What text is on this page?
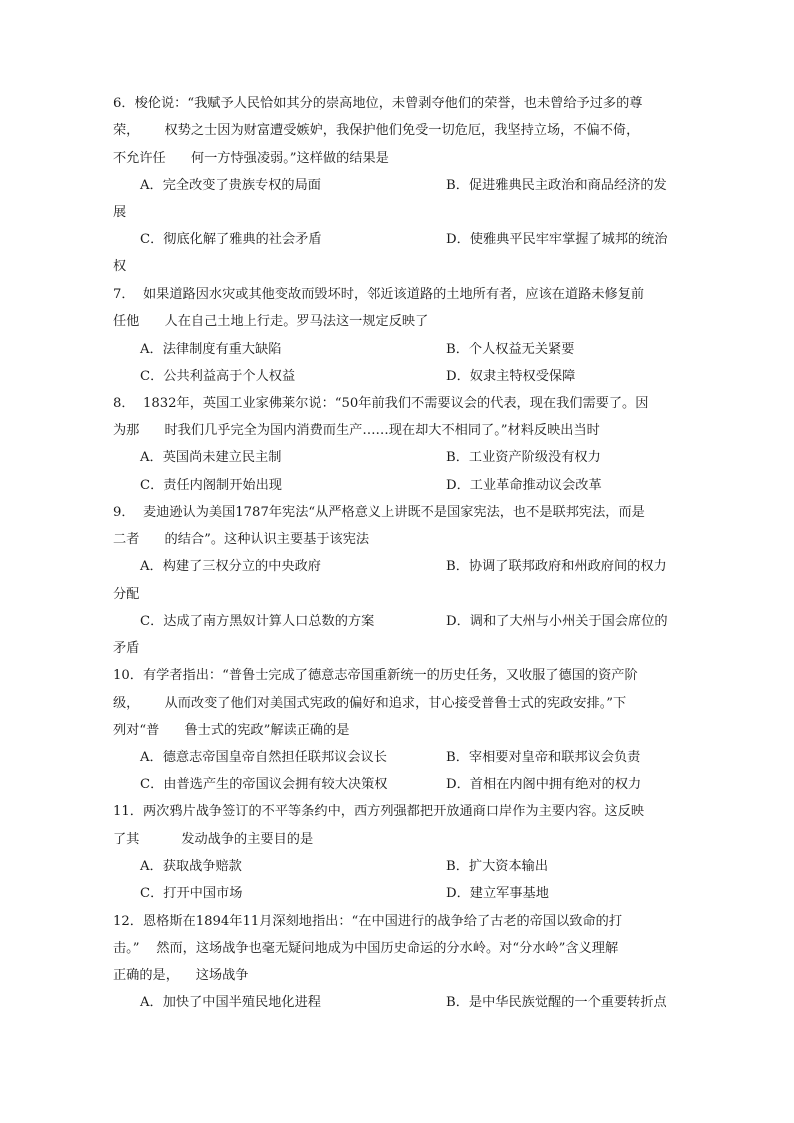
6．梭伦说：“我赋予人民恰如其分的崇高地位，未曾剥夺他们的荣誉，也未曾给予过多的尊
荣，      权势之士因为财富遭受嫉妒，我保护他们免受一切危厄，我坚持立场，不偏不倚，
不允许任      何一方恃强凌弱。”这样做的结果是
A．完全改变了贵族专权的局面	B．促进雅典民主政治和商品经济的发
展
C．彻底化解了雅典的社会矛盾	D．使雅典平民牢牢掌握了城邦的统治
权
7．  如果道路因水灾或其他变故而毁坏时，邻近该道路的土地所有者，应该在道路未修复前
任他      人在自己土地上行走。罗马法这一规定反映了
A．法律制度有重大缺陷	B．个人权益无关紧要
C．公共利益高于个人权益	D．奴隶主特权受保障
8．  1832年，英国工业家佛莱尔说：“50年前我们不需要议会的代表，现在我们需要了。因
为那      时我们几乎完全为国内消费而生产……现在却大不相同了。”材料反映出当时
A．英国尚未建立民主制	B．工业资产阶级没有权力
C．责任内阁制开始出现	D．工业革命推动议会改革
9．  麦迪逊认为美国1787年宪法“从严格意义上讲既不是国家宪法，也不是联邦宪法，而是
二者      的结合”。这种认识主要基于该宪法
A．构建了三权分立的中央政府	B．协调了联邦政府和州政府间的权力
分配
C．达成了南方黑奴计算人口总数的方案	D．调和了大州与小州关于国会席位的
矛盾
10．有学者指出：“普鲁士完成了德意志帝国重新统一的历史任务，又收服了德国的资产阶
级，      从而改变了他们对美国式宪政的偏好和追求，甘心接受普鲁士式的宪政安排。”下
列对“普      鲁士式的宪政”解读正确的是
A．德意志帝国皇帝自然担任联邦议会议长	B．宰相要对皇帝和联邦议会负责
C．由普选产生的帝国议会拥有较大决策权	D．首相在内阁中拥有绝对的权力
11．两次鸦片战争签订的不平等条约中，西方列强都把开放通商口岸作为主要内容。这反映
了其          发动战争的主要目的是
A．获取战争赔款	B．扩大资本输出
C．打开中国市场	D．建立军事基地
12．恩格斯在1894年11月深刻地指出：“在中国进行的战争给了古老的帝国以致命的打
击。”    然而，这场战争也毫无疑问地成为中国历史命运的分水岭。对“分水岭”含义理解
正确的是，    这场战争
A．加快了中国半殖民地化进程	B．是中华民族觉醒的一个重要转折点
